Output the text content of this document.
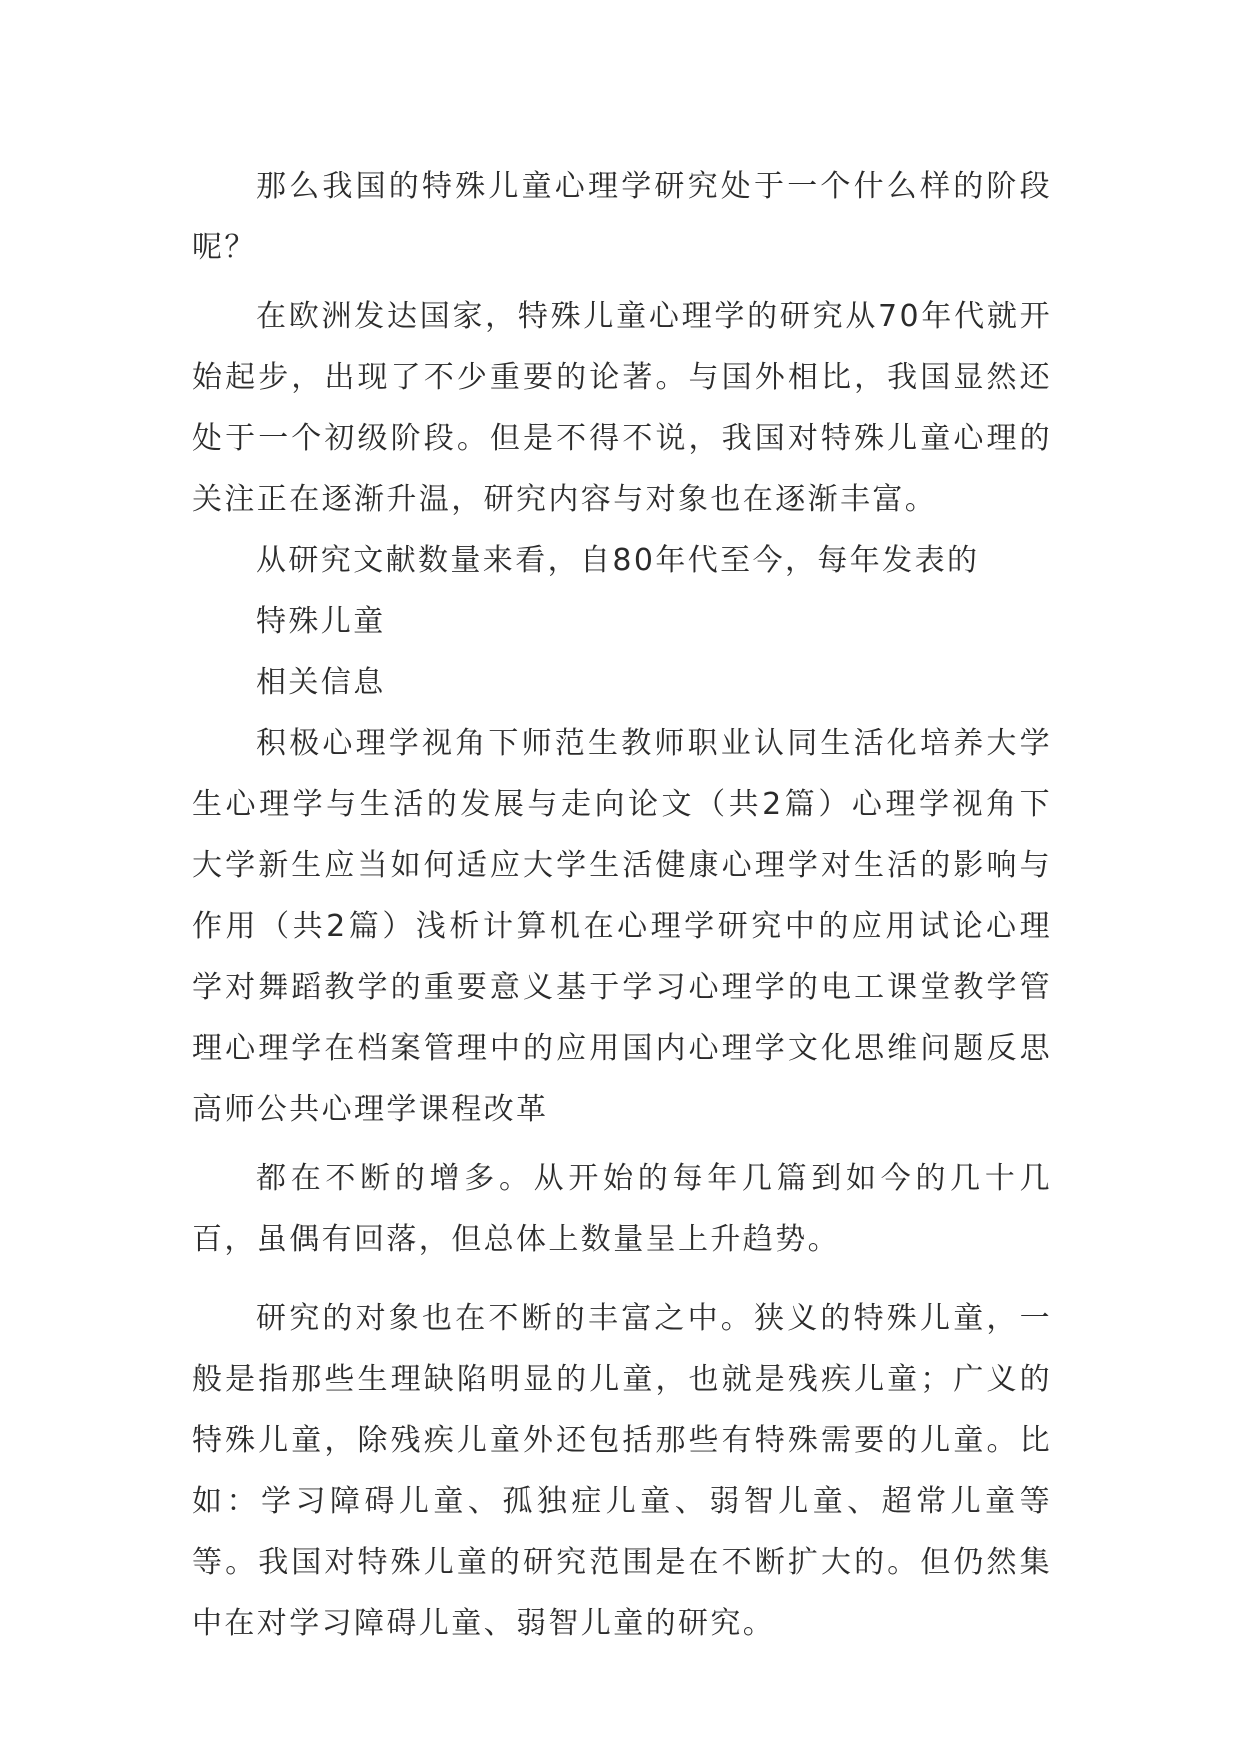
那么我国的特殊儿童心理学研究处于一个什么样的阶段呢？

在欧洲发达国家，特殊儿童心理学的研究从70年代就开始起步，出现了不少重要的论著。与国外相比，我国显然还处于一个初级阶段。但是不得不说，我国对特殊儿童心理的关注正在逐渐升温，研究内容与对象也在逐渐丰富。

从研究文献数量来看，自80年代至今，每年发表的

特殊儿童

相关信息

积极心理学视角下师范生教师职业认同生活化培养大学生心理学与生活的发展与走向论文（共2篇）心理学视角下大学新生应当如何适应大学生活健康心理学对生活的影响与作用（共2篇）浅析计算机在心理学研究中的应用试论心理学对舞蹈教学的重要意义基于学习心理学的电工课堂教学管理心理学在档案管理中的应用国内心理学文化思维问题反思高师公共心理学课程改革

都在不断的增多。从开始的每年几篇到如今的几十几百，虽偶有回落，但总体上数量呈上升趋势。

研究的对象也在不断的丰富之中。狭义的特殊儿童，一般是指那些生理缺陷明显的儿童，也就是残疾儿童；广义的特殊儿童，除残疾儿童外还包括那些有特殊需要的儿童。比如：学习障碍儿童、孤独症儿童、弱智儿童、超常儿童等等。我国对特殊儿童的研究范围是在不断扩大的。但仍然集中在对学习障碍儿童、弱智儿童的研究。
